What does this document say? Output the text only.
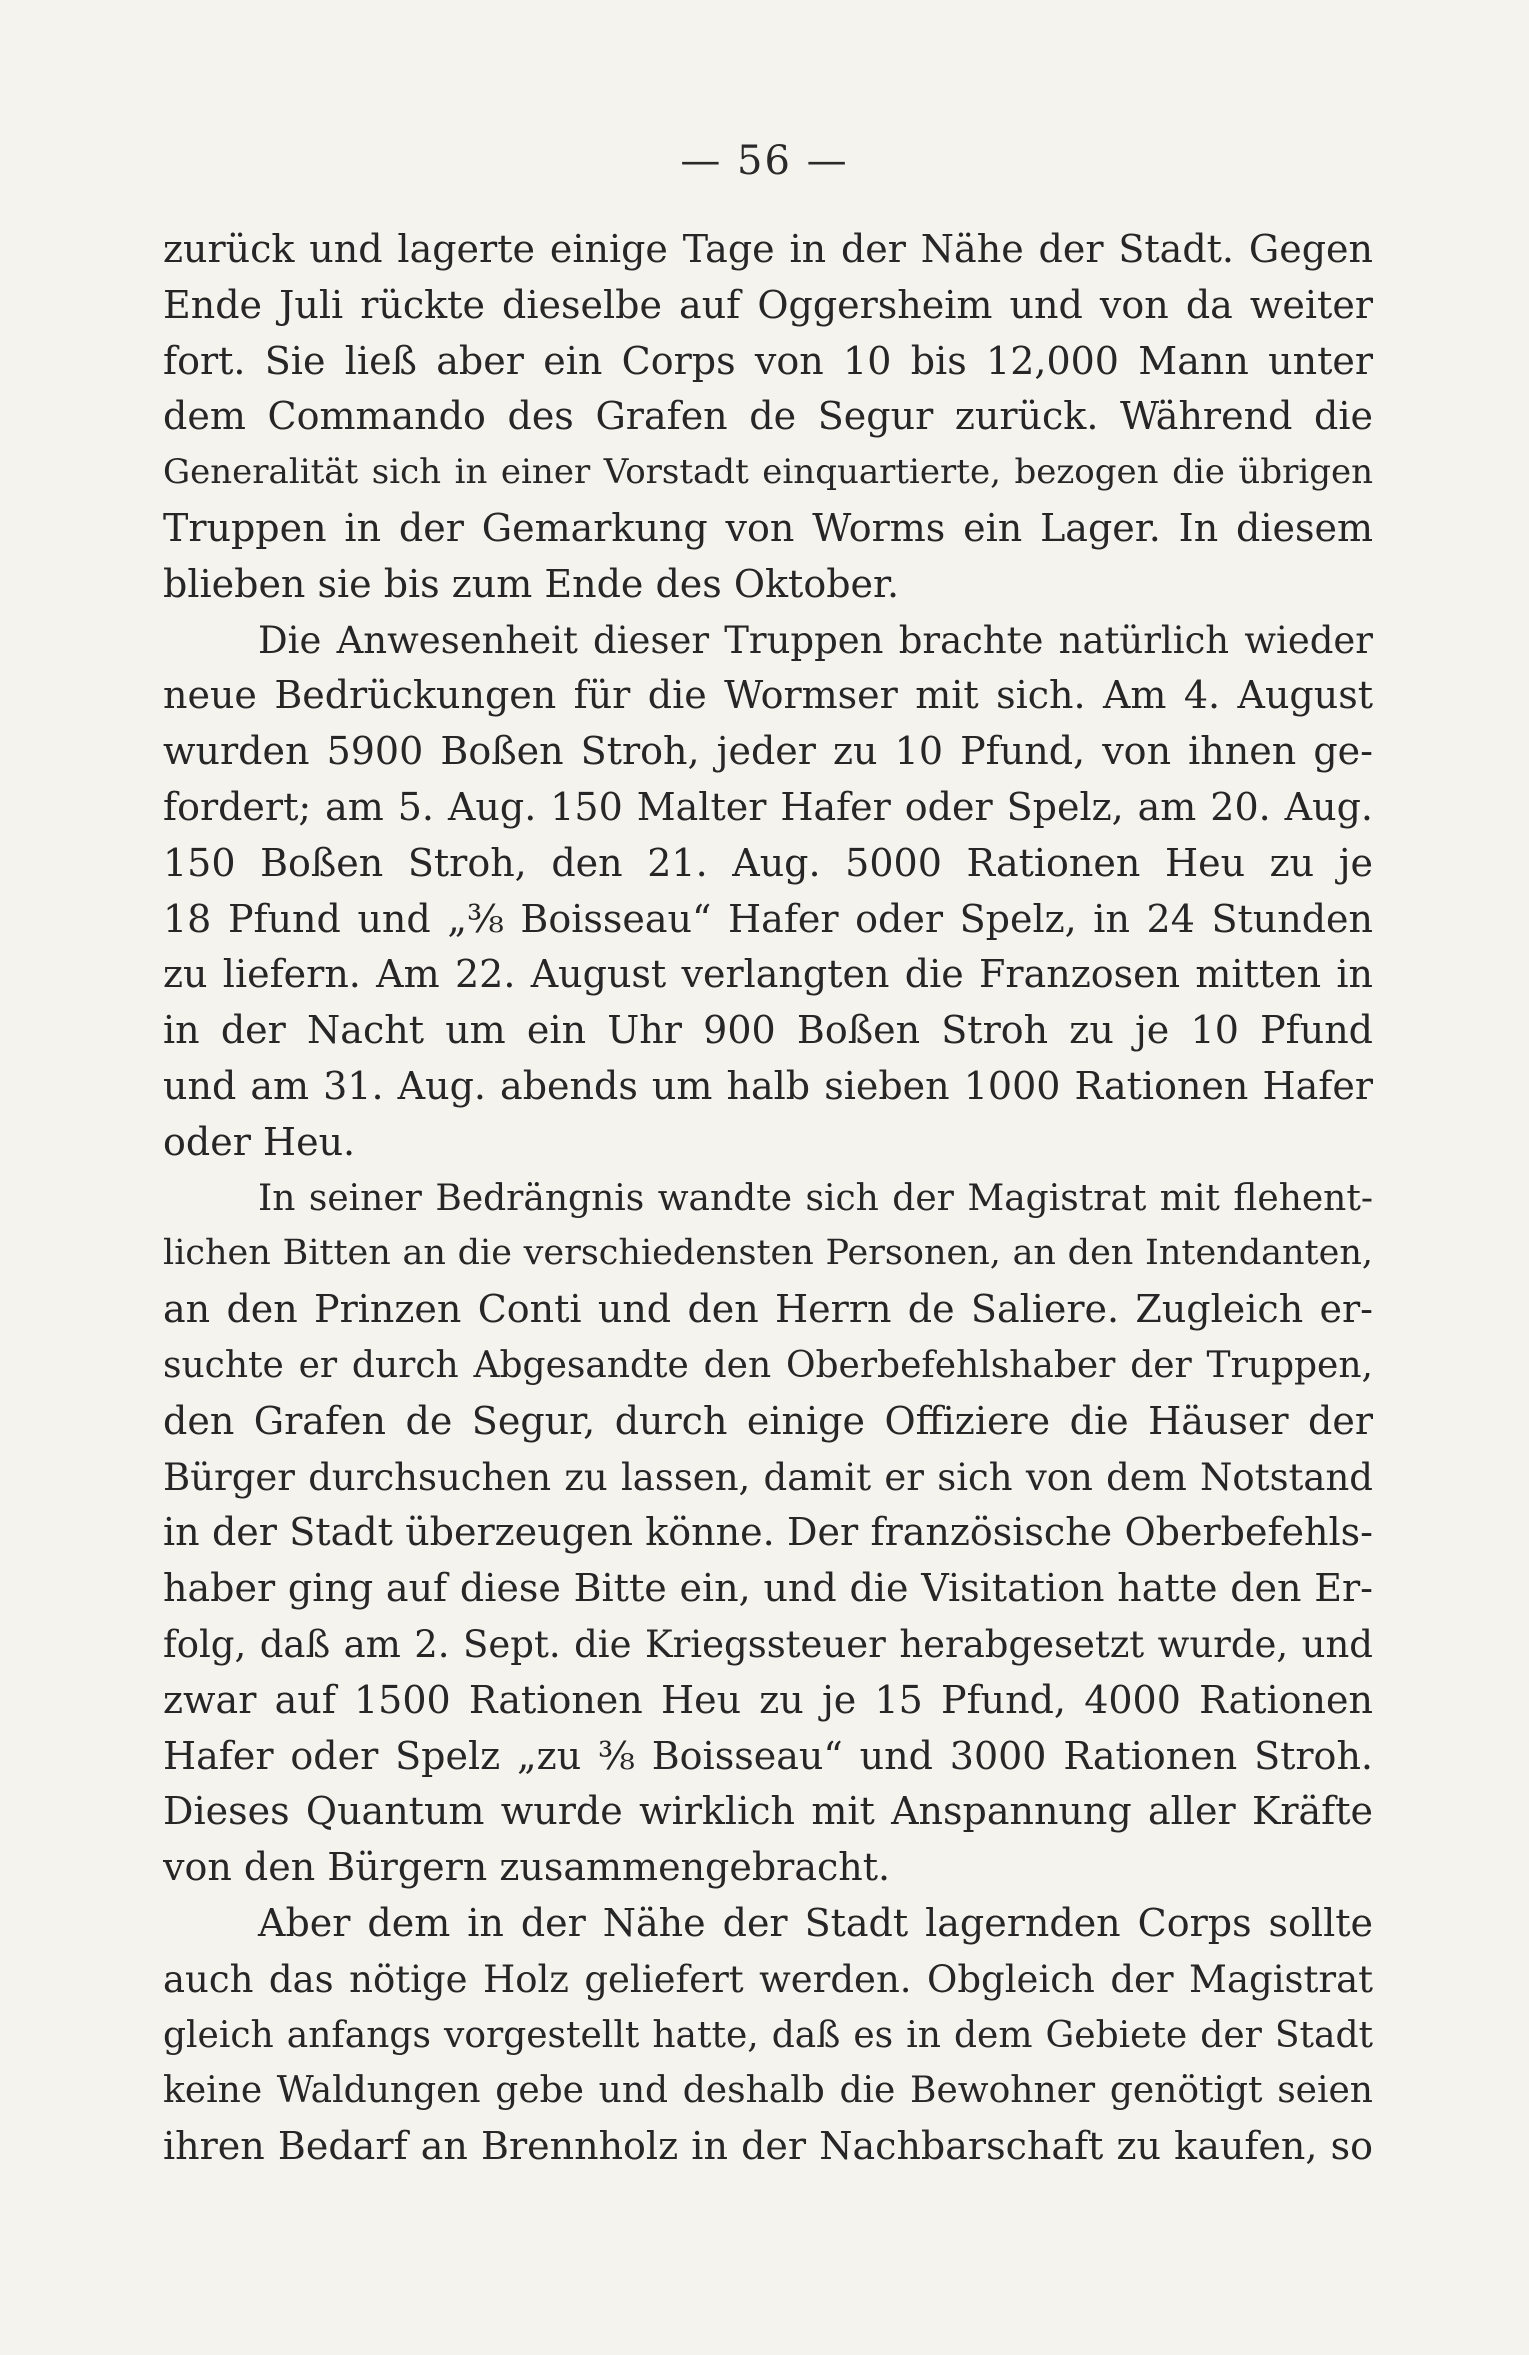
— 56 —
zurück und lagerte einige Tage in der Nähe der Stadt. Gegen
Ende Juli rückte dieselbe auf Oggersheim und von da weiter
fort. Sie ließ aber ein Corps von 10 bis 12,000 Mann unter
dem Commando des Grafen de Segur zurück. Während die
Generalität sich in einer Vorstadt einquartierte, bezogen die übrigen
Truppen in der Gemarkung von Worms ein Lager. In diesem
blieben sie bis zum Ende des Oktober.
Die Anwesenheit dieser Truppen brachte natürlich wieder
neue Bedrückungen für die Wormser mit sich. Am 4. August
wurden 5900 Boßen Stroh, jeder zu 10 Pfund, von ihnen ge-
fordert; am 5. Aug. 150 Malter Hafer oder Spelz, am 20. Aug.
150 Boßen Stroh, den 21. Aug. 5000 Rationen Heu zu je
18 Pfund und „⅜ Boisseau“ Hafer oder Spelz, in 24 Stunden
zu liefern. Am 22. August verlangten die Franzosen mitten in
in der Nacht um ein Uhr 900 Boßen Stroh zu je 10 Pfund
und am 31. Aug. abends um halb sieben 1000 Rationen Hafer
oder Heu.
In seiner Bedrängnis wandte sich der Magistrat mit flehent-
lichen Bitten an die verschiedensten Personen, an den Intendanten,
an den Prinzen Conti und den Herrn de Saliere. Zugleich er-
suchte er durch Abgesandte den Oberbefehlshaber der Truppen,
den Grafen de Segur, durch einige Offiziere die Häuser der
Bürger durchsuchen zu lassen, damit er sich von dem Notstand
in der Stadt überzeugen könne. Der französische Oberbefehls-
haber ging auf diese Bitte ein, und die Visitation hatte den Er-
folg, daß am 2. Sept. die Kriegssteuer herabgesetzt wurde, und
zwar auf 1500 Rationen Heu zu je 15 Pfund, 4000 Rationen
Hafer oder Spelz „zu ⅜ Boisseau“ und 3000 Rationen Stroh.
Dieses Quantum wurde wirklich mit Anspannung aller Kräfte
von den Bürgern zusammengebracht.
Aber dem in der Nähe der Stadt lagernden Corps sollte
auch das nötige Holz geliefert werden. Obgleich der Magistrat
gleich anfangs vorgestellt hatte, daß es in dem Gebiete der Stadt
keine Waldungen gebe und deshalb die Bewohner genötigt seien
ihren Bedarf an Brennholz in der Nachbarschaft zu kaufen, so
